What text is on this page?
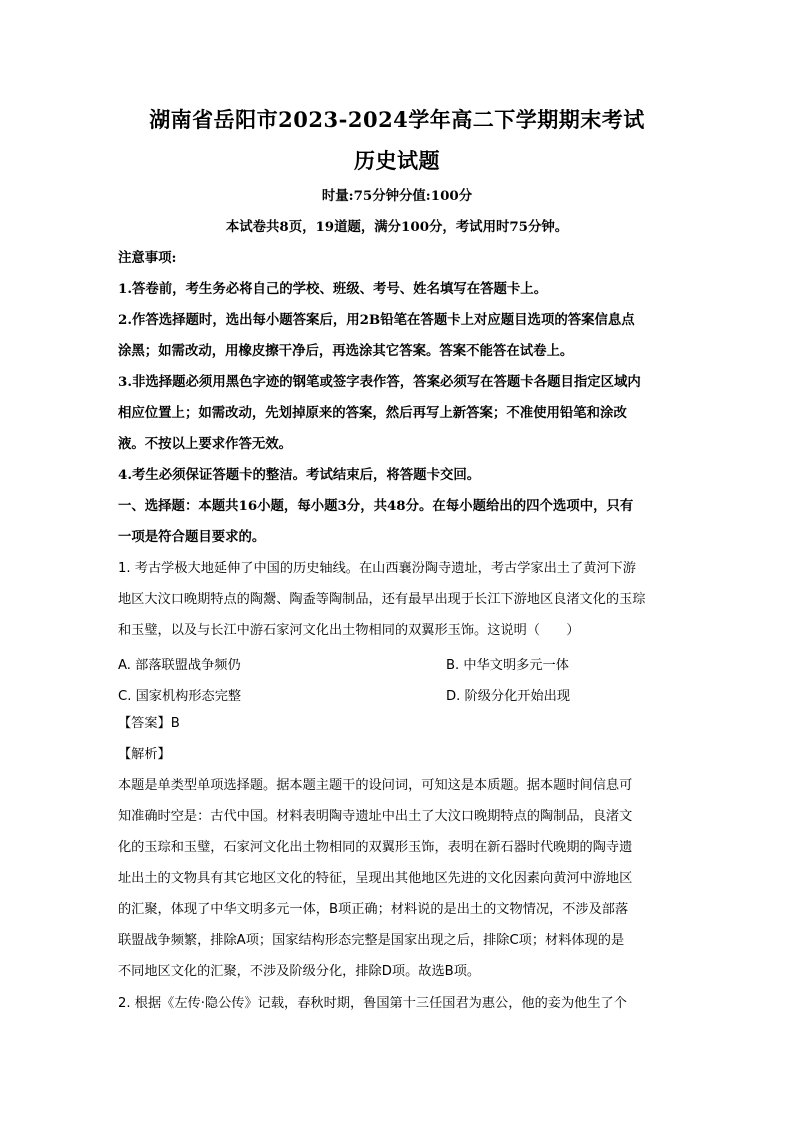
湖南省岳阳市2023-2024学年高二下学期期末考试
历史试题
时量:75分钟分值:100分
本试卷共8页，19道题，满分100分，考试用时75分钟。
注意事项:
1.答卷前，考生务必将自己的学校、班级、考号、姓名填写在答题卡上。
2.作答选择题时，选出每小题答案后，用2B铅笔在答题卡上对应题目选项的答案信息点
涂黑；如需改动，用橡皮擦干净后，再选涂其它答案。答案不能答在试卷上。
3.非选择题必须用黑色字迹的钢笔或签字表作答，答案必须写在答题卡各题目指定区域内
相应位置上；如需改动，先划掉原来的答案，然后再写上新答案；不准使用铅笔和涂改
液。不按以上要求作答无效。
4.考生必须保证答题卡的整洁。考试结束后，将答题卡交回。
一、选择题：本题共16小题，每小题3分，共48分。在每小题给出的四个选项中，只有
一项是符合题目要求的。
1. 考古学极大地延伸了中国的历史轴线。在山西襄汾陶寺遗址，考古学家出土了黄河下游
地区大汶口晚期特点的陶鬶、陶盉等陶制品，还有最早出现于长江下游地区良渚文化的玉琮
和玉璧，以及与长江中游石家河文化出土物相同的双翼形玉饰。这说明（　　）
A. 部落联盟战争频仍	B. 中华文明多元一体
C. 国家机构形态完整	D. 阶级分化开始出现
【答案】B
【解析】
本题是单类型单项选择题。据本题主题干的设问词，可知这是本质题。据本题时间信息可
知准确时空是：古代中国。材料表明陶寺遗址中出土了大汶口晚期特点的陶制品，良渚文
化的玉琮和玉璧，石家河文化出土物相同的双翼形玉饰，表明在新石器时代晚期的陶寺遗
址出土的文物具有其它地区文化的特征，呈现出其他地区先进的文化因素向黄河中游地区
的汇聚，体现了中华文明多元一体，B项正确；材料说的是出土的文物情况，不涉及部落
联盟战争频繁，排除A项；国家结构形态完整是国家出现之后，排除C项；材料体现的是
不同地区文化的汇聚，不涉及阶级分化，排除D项。故选B项。
2. 根据《左传·隐公传》记载，春秋时期，鲁国第十三任国君为惠公，他的妾为他生了个
